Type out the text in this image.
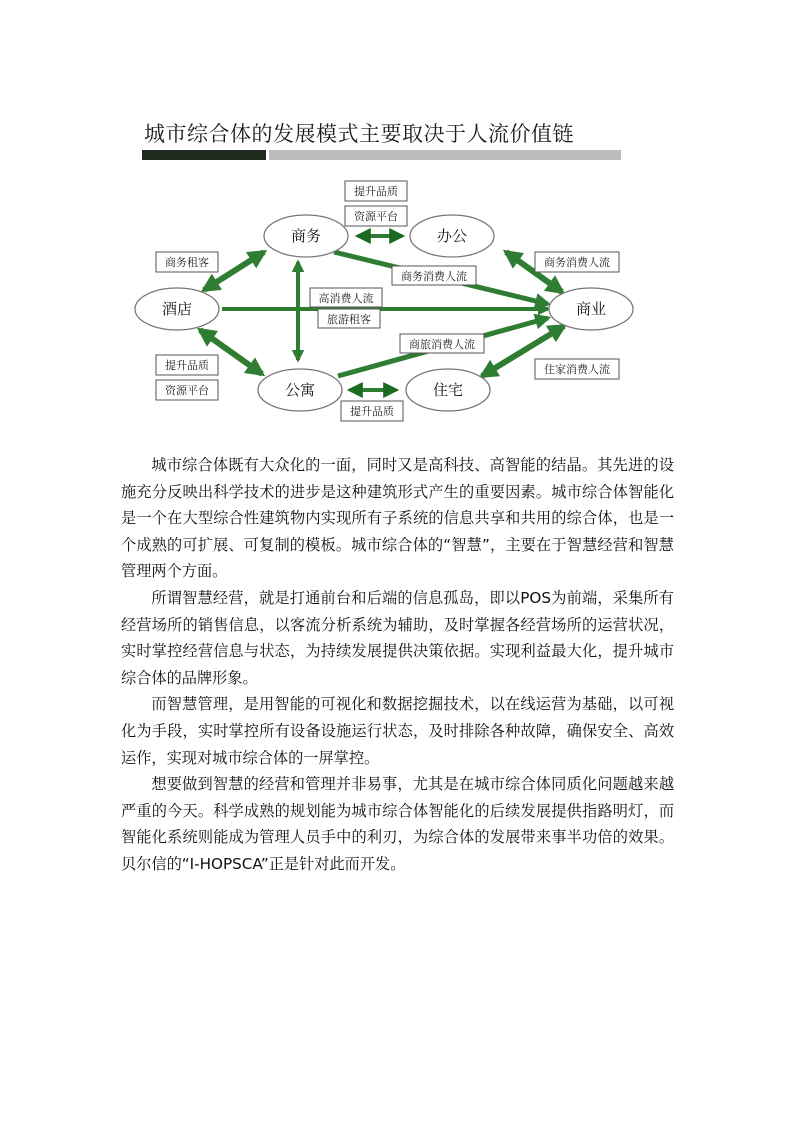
城市综合体的发展模式主要取决于人流价值链
商务	办公
酒店	商业
公寓	住宅
提升品质
资源平台
商务租客
商务消费人流
商务消费人流
高消费人流
旅游租客
商旅消费人流
提升品质
资源平台
住家消费人流
提升品质

城市综合体既有大众化的一面，同时又是高科技、高智能的结晶。其先进的设施充分反映出科学技术的进步是这种建筑形式产生的重要因素。城市综合体智能化是一个在大型综合性建筑物内实现所有子系统的信息共享和共用的综合体，也是一个成熟的可扩展、可复制的模板。城市综合体的“智慧”，主要在于智慧经营和智慧管理两个方面。

所谓智慧经营，就是打通前台和后端的信息孤岛，即以POS为前端，采集所有经营场所的销售信息，以客流分析系统为辅助，及时掌握各经营场所的运营状况，实时掌控经营信息与状态，为持续发展提供决策依据。实现利益最大化，提升城市综合体的品牌形象。

而智慧管理，是用智能的可视化和数据挖掘技术，以在线运营为基础，以可视化为手段，实时掌控所有设备设施运行状态，及时排除各种故障，确保安全、高效运作，实现对城市综合体的一屏掌控。

想要做到智慧的经营和管理并非易事，尤其是在城市综合体同质化问题越来越严重的今天。科学成熟的规划能为城市综合体智能化的后续发展提供指路明灯，而智能化系统则能成为管理人员手中的利刃，为综合体的发展带来事半功倍的效果。贝尔信的“I-HOPSCA”正是针对此而开发。
